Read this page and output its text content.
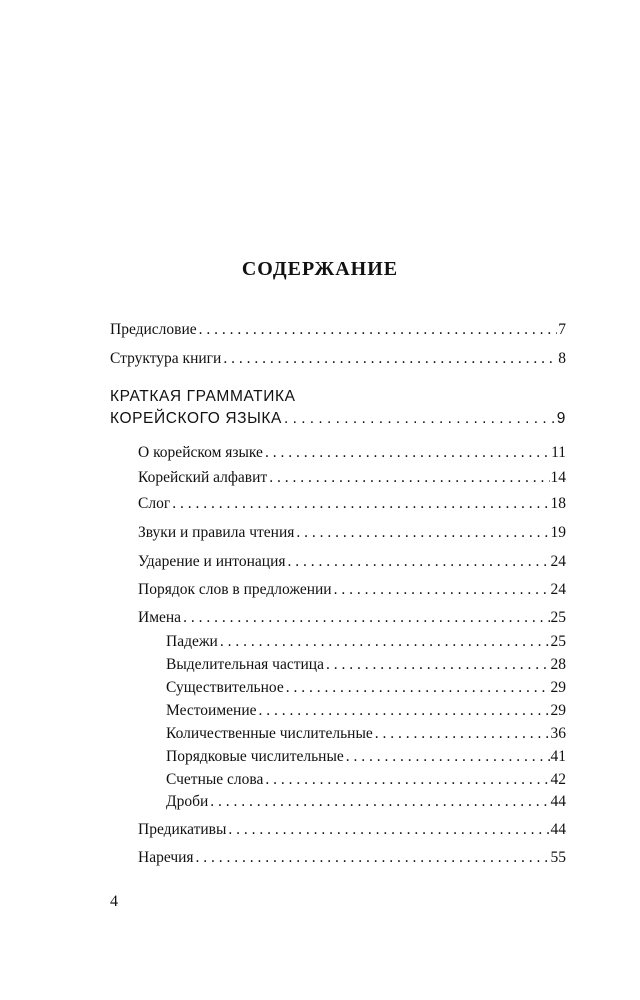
СОДЕРЖАНИЕ
Предисловие
. . .	7
Структура книги
. . .	8
КРАТКАЯ ГРАММАТИКА
КОРЕЙСКОГО ЯЗЫКА
. . .	9
О корейском языке
. . .	11
Корейский алфавит
. . .	14
Слог
. . .	18
Звуки и правила чтения
. . .	19
Ударение и интонация
. . .	24
Порядок слов в предложении
. . .	24
Имена
. . .	25
Падежи
. . .	25
Выделительная частица
. . .	28
Существительное
. . .	29
Местоимение
. . .	29
Количественные числительные
. . .	36
Порядковые числительные
. . .	41
Счетные слова
. . .	42
Дроби
. . .	44
Предикативы
. . .	44
Наречия
. . .	55
4
